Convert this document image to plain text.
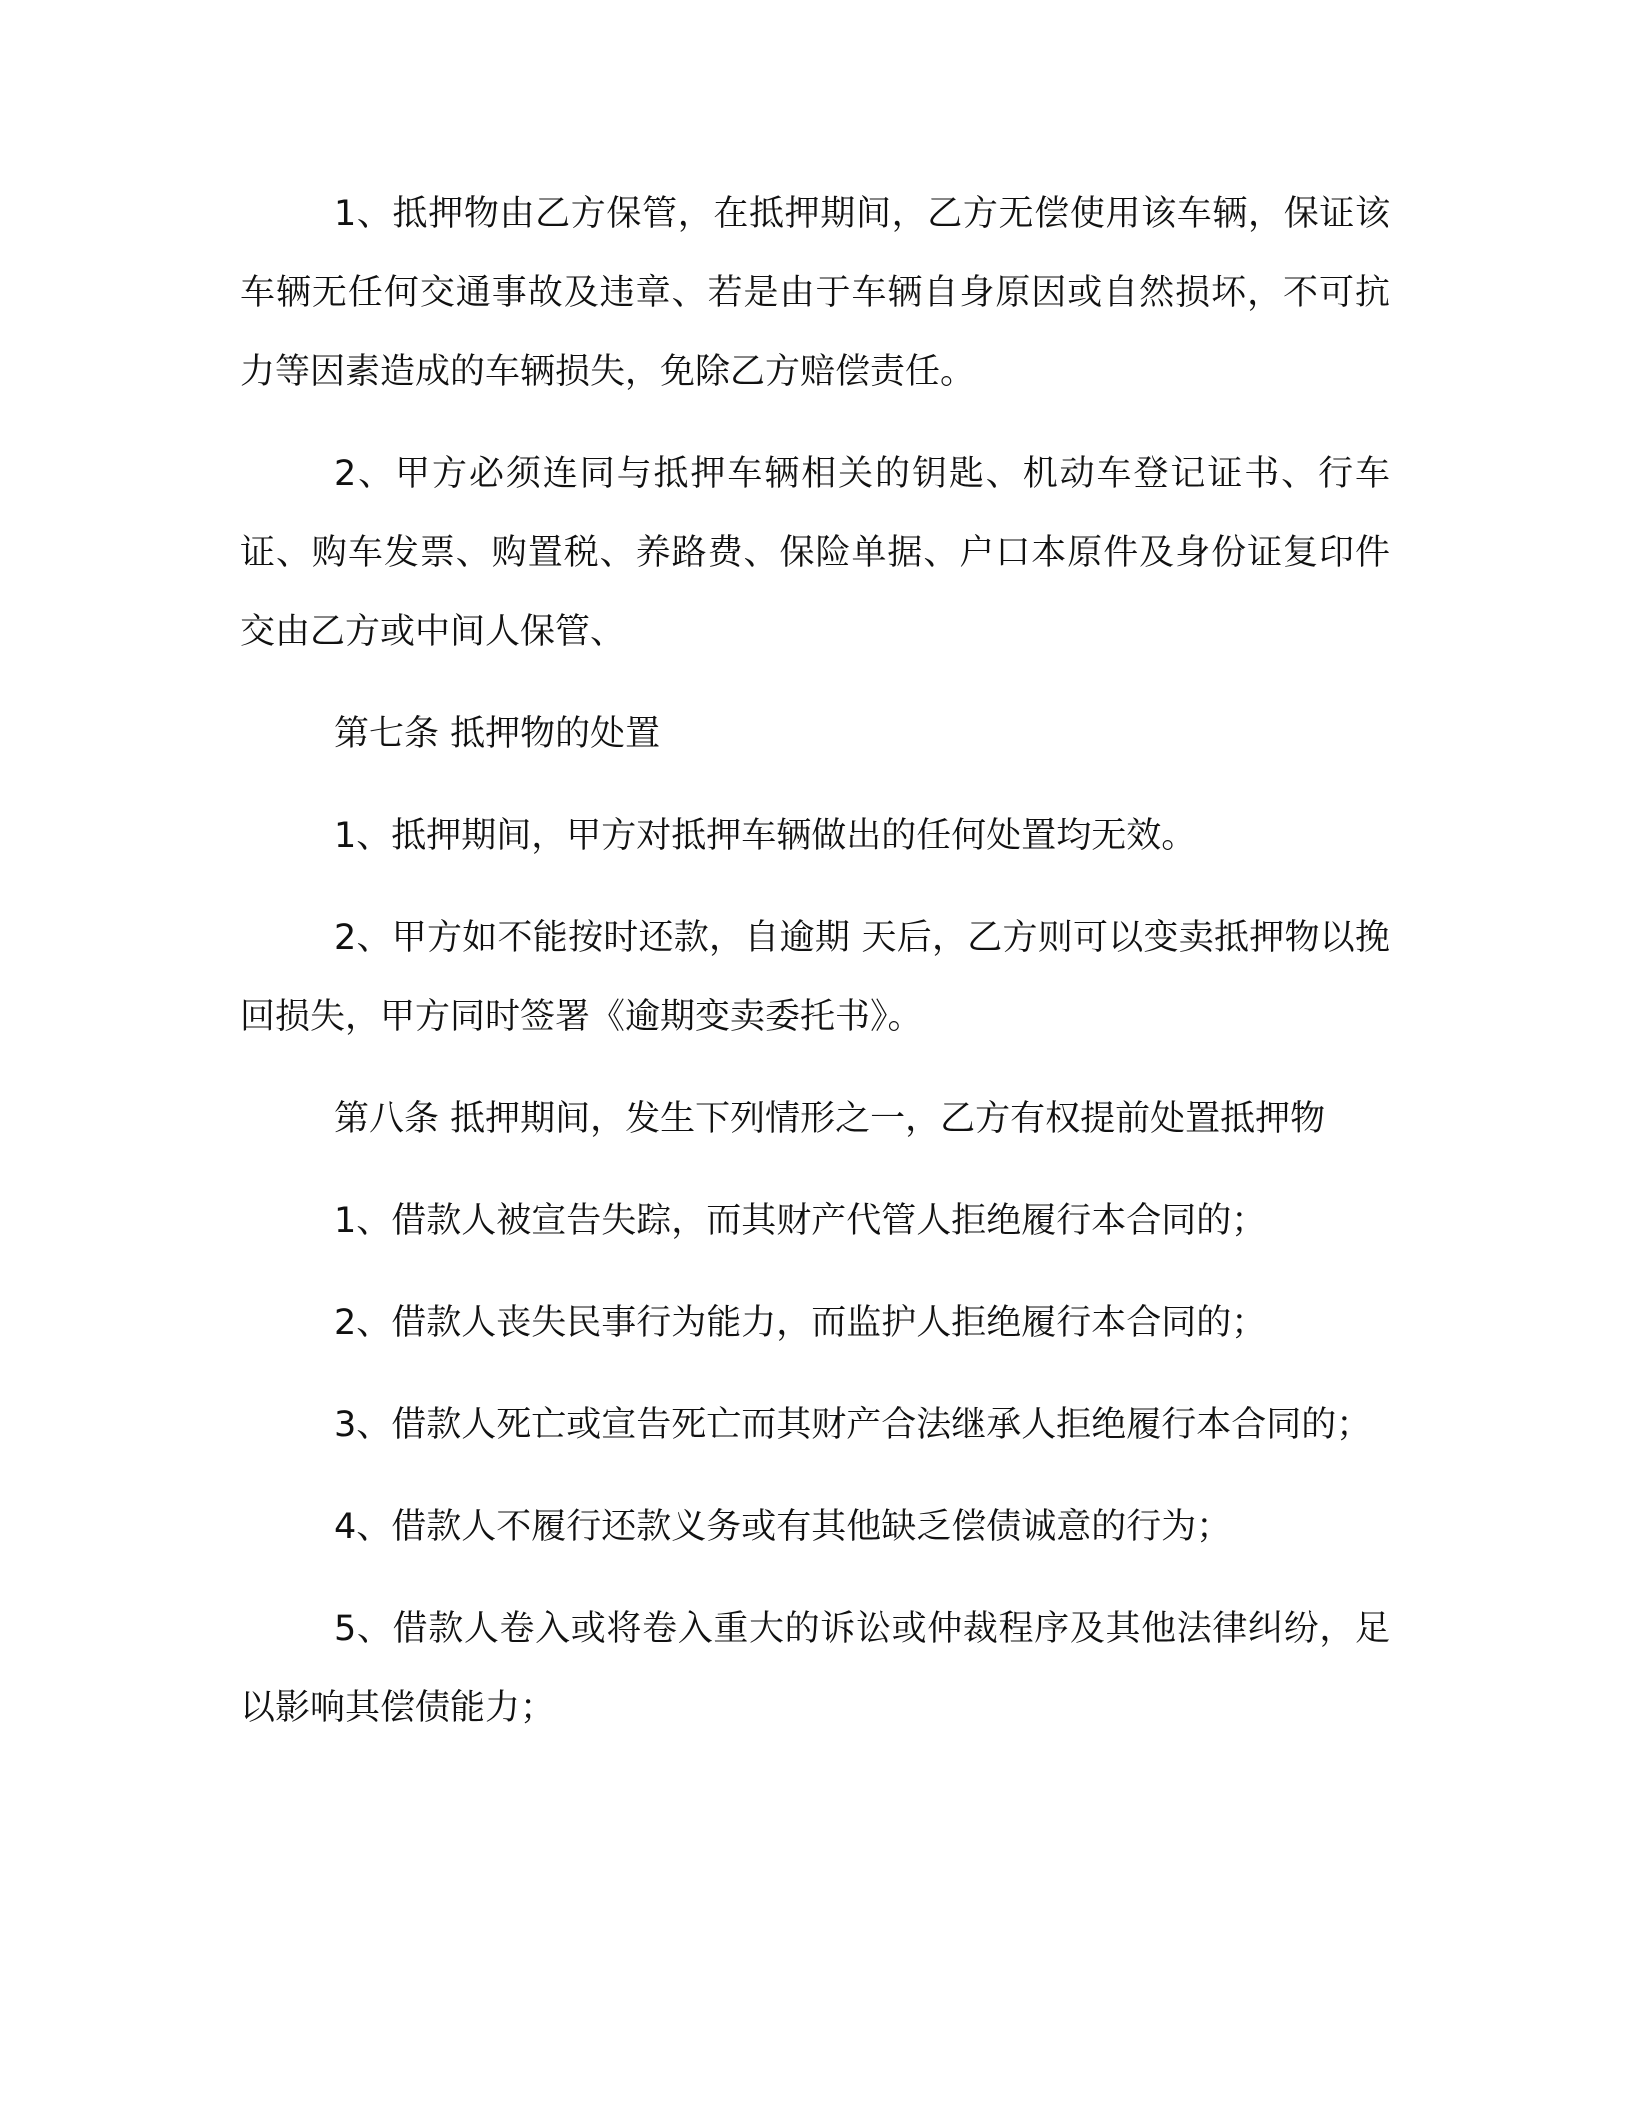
1、抵押物由乙方保管，在抵押期间，乙方无偿使用该车辆，保证该车辆无任何交通事故及违章、若是由于车辆自身原因或自然损坏，不可抗力等因素造成的车辆损失，免除乙方赔偿责任。

2、甲方必须连同与抵押车辆相关的钥匙、机动车登记证书、行车证、购车发票、购置税、养路费、保险单据、户口本原件及身份证复印件交由乙方或中间人保管、

第七条 抵押物的处置

1、抵押期间，甲方对抵押车辆做出的任何处置均无效。

2、甲方如不能按时还款，自逾期 天后，乙方则可以变卖抵押物以挽回损失，甲方同时签署《逾期变卖委托书》。

第八条 抵押期间，发生下列情形之一，乙方有权提前处置抵押物

1、借款人被宣告失踪，而其财产代管人拒绝履行本合同的；

2、借款人丧失民事行为能力，而监护人拒绝履行本合同的；

3、借款人死亡或宣告死亡而其财产合法继承人拒绝履行本合同的；

4、借款人不履行还款义务或有其他缺乏偿债诚意的行为；

5、借款人卷入或将卷入重大的诉讼或仲裁程序及其他法律纠纷，足以影响其偿债能力；
